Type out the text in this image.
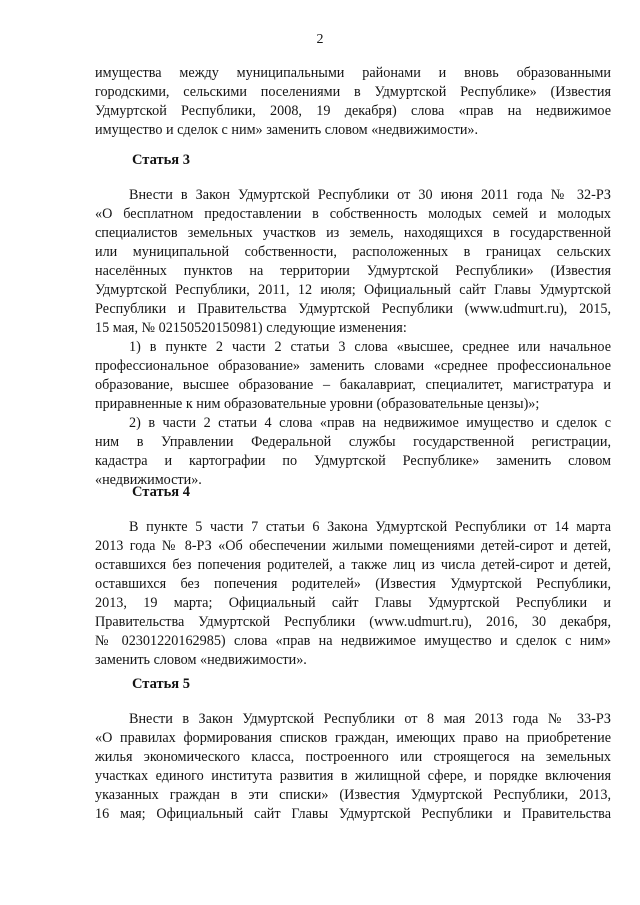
2

имущества между муниципальными районами и вновь образованными

городскими, сельскими поселениями в Удмуртской Республике» (Известия

Удмуртской Республики, 2008, 19 декабря) слова «прав на недвижимое

имущество и сделок с ним» заменить словом «недвижимости».

Статья 3

Внести в Закон Удмуртской Республики от 30 июня 2011 года № 32-РЗ

«О бесплатном предоставлении в собственность молодых семей и молодых

специалистов земельных участков из земель, находящихся в государственной

или муниципальной собственности, расположенных в границах сельских

населённых пунктов на территории Удмуртской Республики» (Известия

Удмуртской Республики, 2011, 12 июля; Официальный сайт Главы Удмуртской

Республики и Правительства Удмуртской Республики (www.udmurt.ru), 2015,

15 мая, № 02150520150981) следующие изменения:

1) в пункте 2 части 2 статьи 3 слова «высшее, среднее или начальное

профессиональное образование» заменить словами «среднее профессиональное

образование, высшее образование – бакалавриат, специалитет, магистратура и

приравненные к ним образовательные уровни (образовательные цензы)»;

2) в части 2 статьи 4 слова «прав на недвижимое имущество и сделок с

ним в Управлении Федеральной службы государственной регистрации,

кадастра и картографии по Удмуртской Республике» заменить словом

«недвижимости».

Статья 4

В пункте 5 части 7 статьи 6 Закона Удмуртской Республики от 14 марта

2013 года № 8-РЗ «Об обеспечении жилыми помещениями детей-сирот и детей,

оставшихся без попечения родителей, а также лиц из числа детей-сирот и детей,

оставшихся без попечения родителей» (Известия Удмуртской Республики,

2013, 19 марта; Официальный сайт Главы Удмуртской Республики и

Правительства Удмуртской Республики (www.udmurt.ru), 2016, 30 декабря,

№ 02301220162985) слова «прав на недвижимое имущество и сделок с ним»

заменить словом «недвижимости».

Статья 5

Внести в Закон Удмуртской Республики от 8 мая 2013 года № 33-РЗ

«О правилах формирования списков граждан, имеющих право на приобретение

жилья экономического класса, построенного или строящегося на земельных

участках единого института развития в жилищной сфере, и порядке включения

указанных граждан в эти списки» (Известия Удмуртской Республики, 2013,

16 мая; Официальный сайт Главы Удмуртской Республики и Правительства
